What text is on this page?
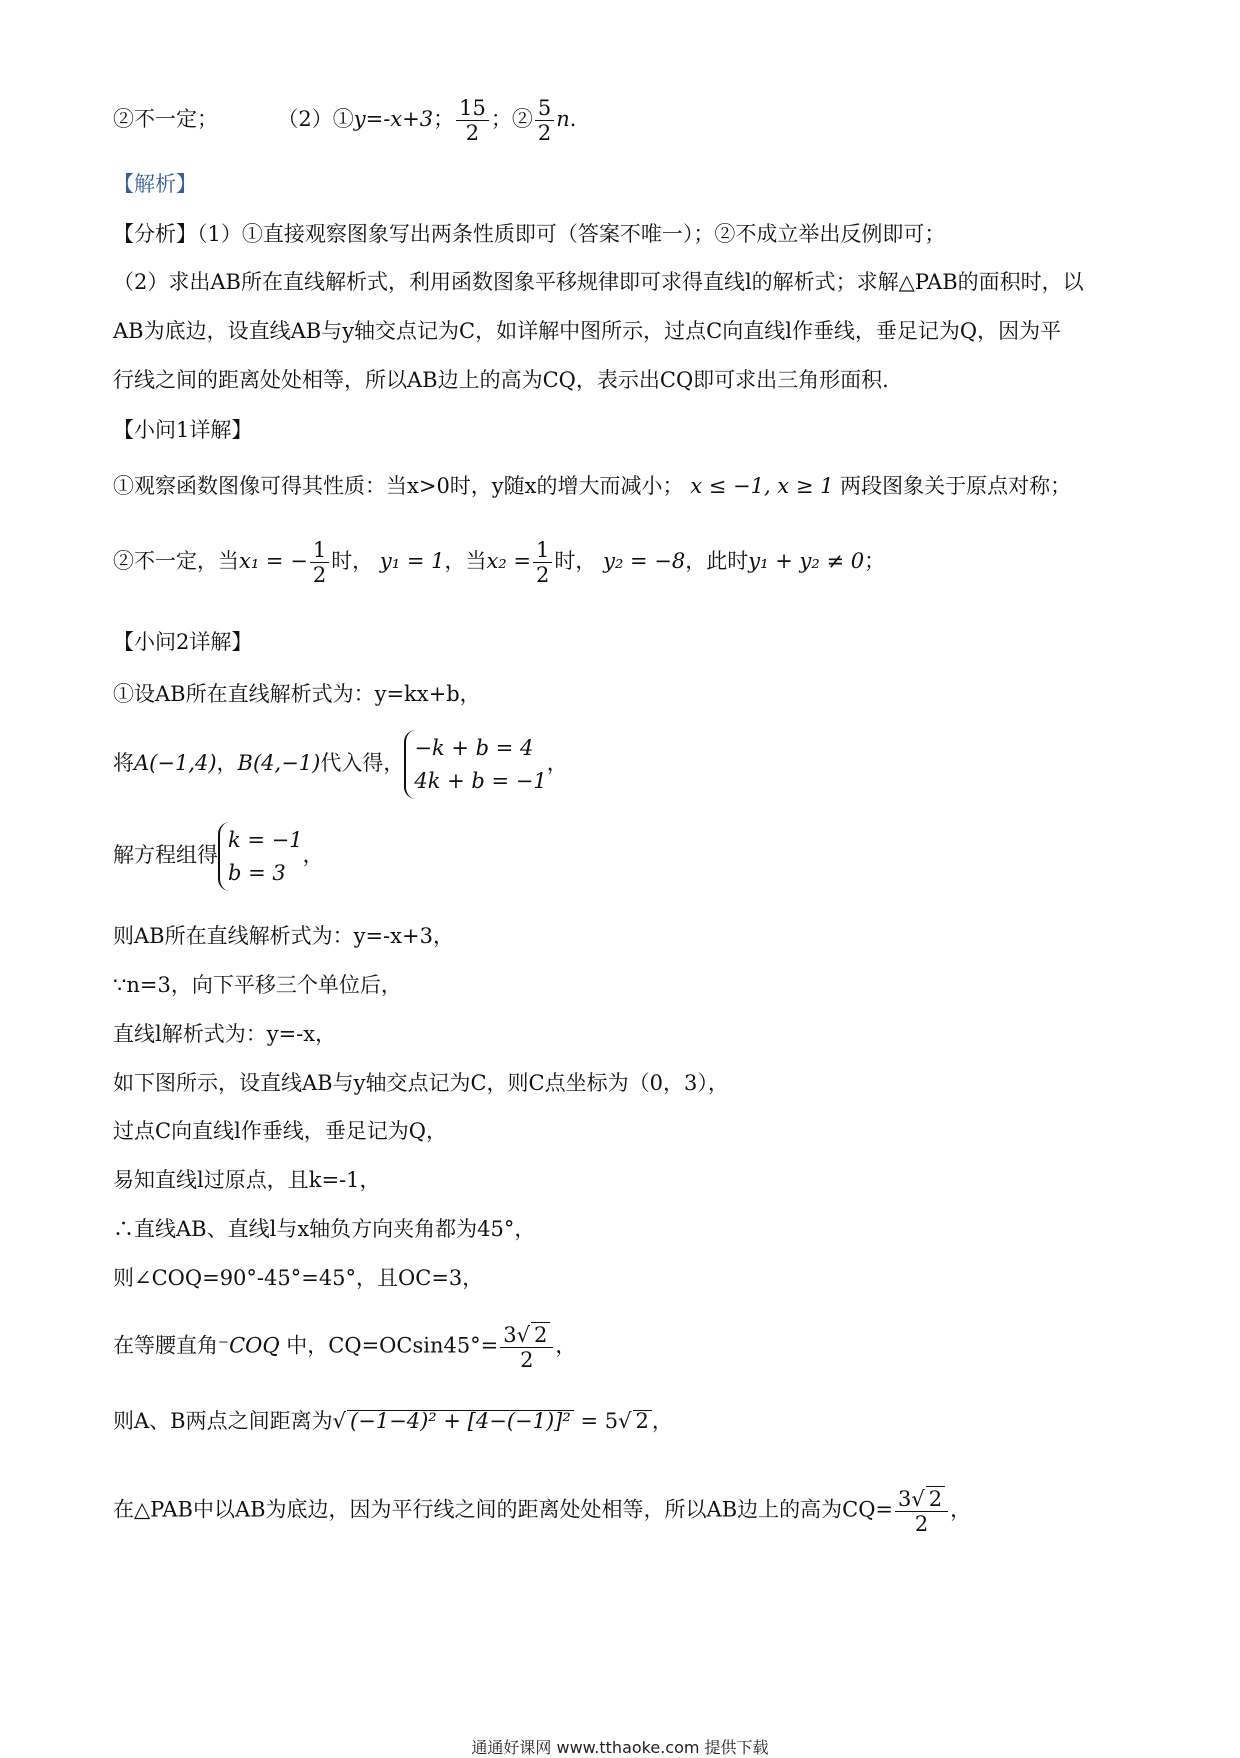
②不一定；	（2）①y=-x+3； $\frac{15}{2}$ ；② $\frac{5}{2} n$.
【解析】
【分析】（1）①直接观察图象写出两条性质即可（答案不唯一）；②不成立举出反例即可；
（2）求出AB所在直线解析式，利用函数图象平移规律即可求得直线l的解析式；求解△PAB的面积时，以
AB为底边，设直线AB与y轴交点记为C，如详解中图所示，过点C向直线l作垂线，垂足记为Q，因为平
行线之间的距离处处相等，所以AB边上的高为CQ，表示出CQ即可求出三角形面积.
【小问1详解】
①观察函数图像可得其性质：当x>0时，y随x的增大而减小； x ≤ −1, x ≥ 1 两段图象关于原点对称；
②不一定，当x₁ = − $\frac{1}{2}$ 时， y₁ = 1，当$x_2 = \frac{1}{2}$ 时， y₂ = −8，此时y₁ + y₂ ≠ 0；
【小问2详解】
①设AB所在直线解析式为：y=kx+b，
将A(−1,4)，B(4,−1)代入得，
−k + b = 4
4k + b = −1
，
解方程组得
k = −1
b = 3
，
则AB所在直线解析式为：y=-x+3，
∵n=3，向下平移三个单位后，
直线l解析式为：y=-x，
如下图所示，设直线AB与y轴交点记为C，则C点坐标为（0，3），
过点C向直线l作垂线，垂足记为Q，
易知直线l过原点，且k=-1，
∴直线AB、直线l与x轴负方向夹角都为45°，
则∠COQ=90°-45°=45°，且OC=3，
在等腰直角⁻COQ 中，$CQ=OCsin45^\circ= \frac{3√ 2}{2}$ ，
则A、B两点之间距离为√ (−1−4)² + [4−(−1)]² = 5√ 2 ，
在△PAB中以AB为底边，因为平行线之间的距离处处相等，所以AB边上的高为$CQ= \frac{3√ 2}{2}$ ，
通通好课网 www.tthaoke.com 提供下载
